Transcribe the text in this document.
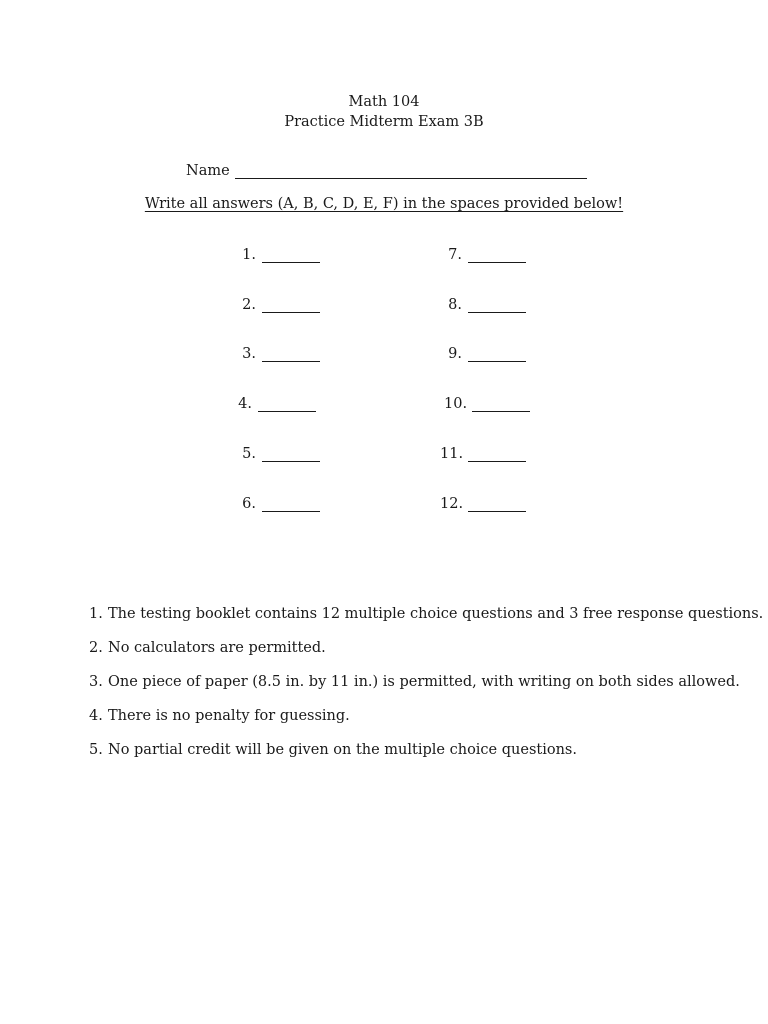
Math 104
Practice Midterm Exam 3B
Name
Write all answers (A, B, C, D, E, F) in the spaces provided below!
1.
2.
3.
4.
5.
6.
7.
8.
9.
10.
11.
12.
1. The testing booklet contains 12 multiple choice questions and 3 free response questions.
2. No calculators are permitted.
3. One piece of paper (8.5 in. by 11 in.) is permitted, with writing on both sides allowed.
4. There is no penalty for guessing.
5. No partial credit will be given on the multiple choice questions.
